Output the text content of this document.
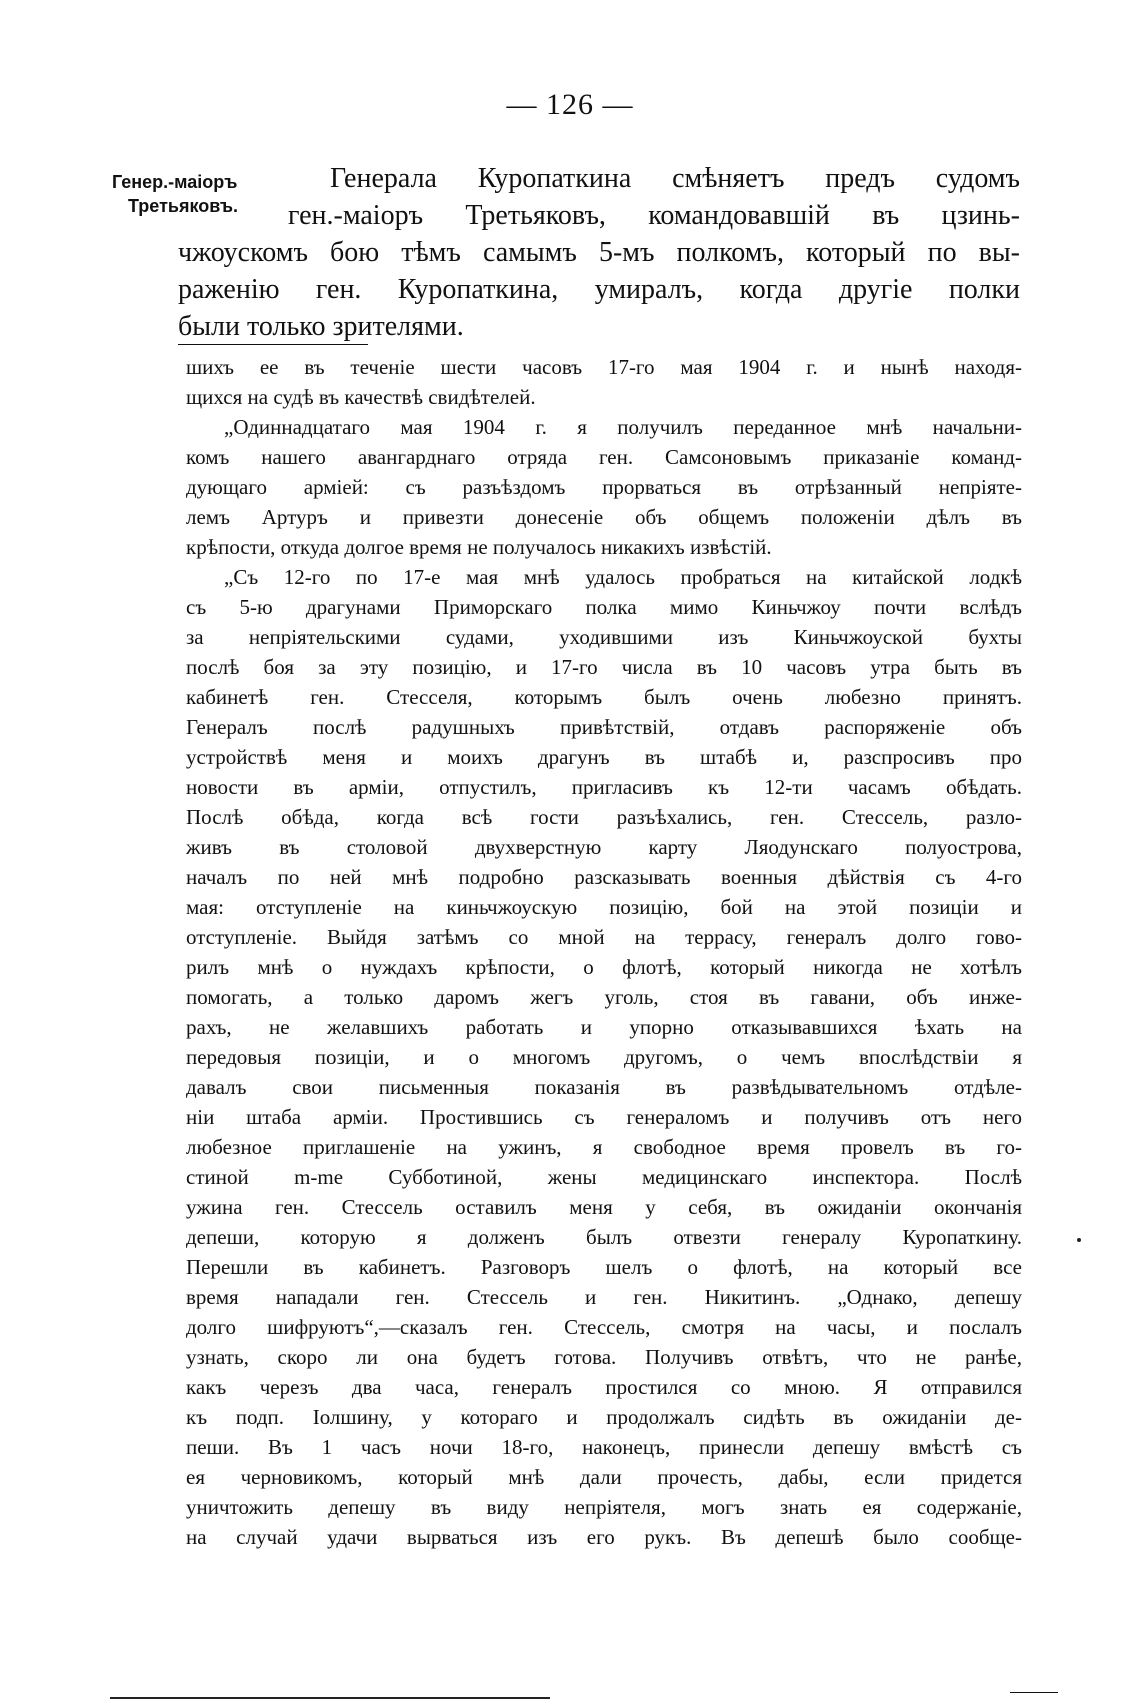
— 126 —
Генер.-маіоръ
Третьяковъ.
Генерала Куропаткина смѣняетъ предъ судомъ
ген.-маіоръ Третьяковъ, командовавшій въ цзинь-
чжоускомъ бою тѣмъ самымъ 5-мъ полкомъ, который по вы-
раженію ген. Куропаткина, умиралъ, когда другіе полки
были только зрителями.
шихъ ее въ теченіе шести часовъ 17-го мая 1904 г. и нынѣ находя-
щихся на судѣ въ качествѣ свидѣтелей.
„Одиннадцатаго мая 1904 г. я получилъ переданное мнѣ начальни-
комъ нашего авангарднаго отряда ген. Самсоновымъ приказаніе команд-
дующаго арміей: съ разъѣздомъ прорваться въ отрѣзанный непріяте-
лемъ Артуръ и привезти донесеніе объ общемъ положеніи дѣлъ въ
крѣпости, откуда долгое время не получалось никакихъ извѣстій.
„Съ 12-го по 17-е мая мнѣ удалось пробраться на китайской лодкѣ
съ 5-ю драгунами Приморскаго полка мимо Киньчжоу почти вслѣдъ
за непріятельскими судами, уходившими изъ Киньчжоуской бухты
послѣ боя за эту позицію, и 17-го числа въ 10 часовъ утра быть въ
кабинетѣ ген. Стесселя, которымъ былъ очень любезно принятъ.
Генералъ послѣ радушныхъ привѣтствій, отдавъ распоряженіе объ
устройствѣ меня и моихъ драгунъ въ штабѣ и, разспросивъ про
новости въ арміи, отпустилъ, пригласивъ къ 12-ти часамъ обѣдать.
Послѣ обѣда, когда всѣ гости разъѣхались, ген. Стессель, разло-
живъ въ столовой двухверстную карту Ляодунскаго полуострова,
началъ по ней мнѣ подробно разсказывать военныя дѣйствія съ 4-го
мая: отступленіе на киньчжоускую позицію, бой на этой позиціи и
отступленіе. Выйдя затѣмъ со мной на террасу, генералъ долго гово-
рилъ мнѣ о нуждахъ крѣпости, о флотѣ, который никогда не хотѣлъ
помогать, а только даромъ жегъ уголь, стоя въ гавани, объ инже-
рахъ, не желавшихъ работать и упорно отказывавшихся ѣхать на
передовыя позиціи, и о многомъ другомъ, о чемъ впослѣдствіи я
давалъ свои письменныя показанія въ развѣдывательномъ отдѣле-
ніи штаба арміи. Простившись съ генераломъ и получивъ отъ него
любезное приглашеніе на ужинъ, я свободное время провелъ въ го-
стиной m-me Субботиной, жены медицинскаго инспектора. Послѣ
ужина ген. Стессель оставилъ меня у себя, въ ожиданіи окончанія
депеши, которую я долженъ былъ отвезти генералу Куропаткину.
Перешли въ кабинетъ. Разговоръ шелъ о флотѣ, на который все
время нападали ген. Стессель и ген. Никитинъ. „Однако, депешу
долго шифруютъ“,—сказалъ ген. Стессель, смотря на часы, и послалъ
узнать, скоро ли она будетъ готова. Получивъ отвѣтъ, что не ранѣе,
какъ черезъ два часа, генералъ простился со мною. Я отправился
къ подп. Іолшину, у котораго и продолжалъ сидѣть въ ожиданіи де-
пеши. Въ 1 часъ ночи 18-го, наконецъ, принесли депешу вмѣстѣ съ
ея черновикомъ, который мнѣ дали прочесть, дабы, если придется
уничтожить депешу въ виду непріятеля, могъ знать ея содержаніе,
на случай удачи вырваться изъ его рукъ. Въ депешѣ было сообще-
